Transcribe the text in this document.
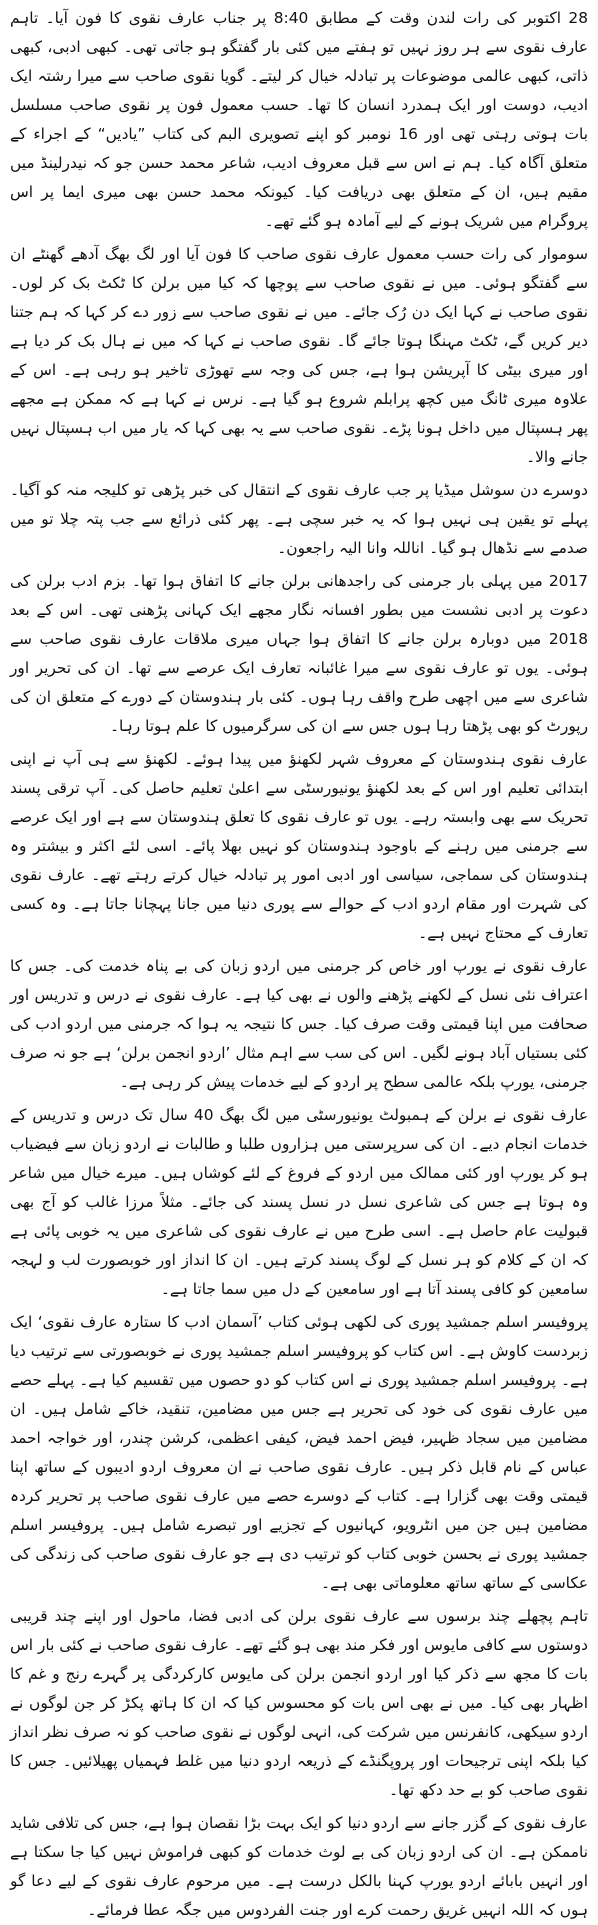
28 اکتوبر کی رات لندن وقت کے مطابق 8:40 پر جناب عارف نقوی کا فون آیا۔ تاہم عارف نقوی سے ہر روز نہیں تو ہفتے میں کئی بار گفتگو ہو جاتی تھی۔ کبھی ادبی، کبھی ذاتی، کبھی عالمی موضوعات پر تبادلہ خیال کر لیتے۔ گویا نقوی صاحب سے میرا رشتہ ایک ادیب، دوست اور ایک ہمدرد انسان کا تھا۔ حسب معمول فون پر نقوی صاحب مسلسل بات ہوتی رہتی تھی اور 16 نومبر کو اپنے تصویری البم کی کتاب ”یادیں“ کے اجراء کے متعلق آگاہ کیا۔ ہم نے اس سے قبل معروف ادیب، شاعر محمد حسن جو کہ نیدرلینڈ میں مقیم ہیں، ان کے متعلق بھی دریافت کیا۔ کیونکہ محمد حسن بھی میری ایما پر اس پروگرام میں شریک ہونے کے لیے آمادہ ہو گئے تھے۔

سوموار کی رات حسب معمول عارف نقوی صاحب کا فون آیا اور لگ بھگ آدھے گھنٹے ان سے گفتگو ہوئی۔ میں نے نقوی صاحب سے پوچھا کہ کیا میں برلن کا ٹکٹ بک کر لوں۔ نقوی صاحب نے کہا ایک دن رُک جائے۔ میں نے نقوی صاحب سے زور دے کر کہا کہ ہم جتنا دیر کریں گے، ٹکٹ مہنگا ہوتا جائے گا۔ نقوی صاحب نے کہا کہ میں نے ہال بک کر دیا ہے اور میری بیٹی کا آپریشن ہوا ہے، جس کی وجہ سے تھوڑی تاخیر ہو رہی ہے۔ اس کے علاوہ میری ٹانگ میں کچھ پرابلم شروع ہو گیا ہے۔ نرس نے کہا ہے کہ ممکن ہے مجھے پھر ہسپتال میں داخل ہونا پڑے۔ نقوی صاحب سے یہ بھی کہا کہ یار میں اب ہسپتال نہیں جانے والا۔

دوسرے دن سوشل میڈیا پر جب عارف نقوی کے انتقال کی خبر پڑھی تو کلیجہ منہ کو آگیا۔ پہلے تو یقین ہی نہیں ہوا کہ یہ خبر سچی ہے۔ پھر کئی ذرائع سے جب پتہ چلا تو میں صدمے سے نڈھال ہو گیا۔ اناللہ وانا الیہ راجعون۔

2017 میں پہلی بار جرمنی کی راجدھانی برلن جانے کا اتفاق ہوا تھا۔ بزم ادب برلن کی دعوت پر ادبی نشست میں بطور افسانہ نگار مجھے ایک کہانی پڑھنی تھی۔ اس کے بعد 2018 میں دوبارہ برلن جانے کا اتفاق ہوا جہاں میری ملاقات عارف نقوی صاحب سے ہوئی۔ یوں تو عارف نقوی سے میرا غائبانہ تعارف ایک عرصے سے تھا۔ ان کی تحریر اور شاعری سے میں اچھی طرح واقف رہا ہوں۔ کئی بار ہندوستان کے دورے کے متعلق ان کی رپورٹ کو بھی پڑھتا رہا ہوں جس سے ان کی سرگرمیوں کا علم ہوتا رہا۔

عارف نقوی ہندوستان کے معروف شہر لکھنؤ میں پیدا ہوئے۔ لکھنؤ سے ہی آپ نے اپنی ابتدائی تعلیم اور اس کے بعد لکھنؤ یونیورسٹی سے اعلیٰ تعلیم حاصل کی۔ آپ ترقی پسند تحریک سے بھی وابستہ رہے۔ یوں تو عارف نقوی کا تعلق ہندوستان سے ہے اور ایک عرصے سے جرمنی میں رہنے کے باوجود ہندوستان کو نہیں بھلا پائے۔ اسی لئے اکثر و بیشتر وہ ہندوستان کی سماجی، سیاسی اور ادبی امور پر تبادلہ خیال کرتے رہتے تھے۔ عارف نقوی کی شہرت اور مقام اردو ادب کے حوالے سے پوری دنیا میں جانا پہچانا جاتا ہے۔ وہ کسی تعارف کے محتاج نہیں ہے۔

عارف نقوی نے یورپ اور خاص کر جرمنی میں اردو زبان کی بے پناہ خدمت کی۔ جس کا اعتراف نئی نسل کے لکھنے پڑھنے والوں نے بھی کیا ہے۔ عارف نقوی نے درس و تدریس اور صحافت میں اپنا قیمتی وقت صرف کیا۔ جس کا نتیجہ یہ ہوا کہ جرمنی میں اردو ادب کی کئی بستیاں آباد ہونے لگیں۔ اس کی سب سے اہم مثال ’اردو انجمن برلن‘ ہے جو نہ صرف جرمنی، یورپ بلکہ عالمی سطح پر اردو کے لیے خدمات پیش کر رہی ہے۔

عارف نقوی نے برلن کے ہمبولٹ یونیورسٹی میں لگ بھگ 40 سال تک درس و تدریس کے خدمات انجام دیے۔ ان کی سرپرستی میں ہزاروں طلبا و طالبات نے اردو زبان سے فیضیاب ہو کر یورپ اور کئی ممالک میں اردو کے فروغ کے لئے کوشاں ہیں۔ میرے خیال میں شاعر وہ ہوتا ہے جس کی شاعری نسل در نسل پسند کی جائے۔ مثلاً مرزا غالب کو آج بھی قبولیت عام حاصل ہے۔ اسی طرح میں نے عارف نقوی کی شاعری میں یہ خوبی پائی ہے کہ ان کے کلام کو ہر نسل کے لوگ پسند کرتے ہیں۔ ان کا انداز اور خوبصورت لب و لہجہ سامعین کو کافی پسند آتا ہے اور سامعین کے دل میں سما جاتا ہے۔

پروفیسر اسلم جمشید پوری کی لکھی ہوئی کتاب ’آسمان ادب کا ستارہ عارف نقوی‘ ایک زبردست کاوش ہے۔ اس کتاب کو پروفیسر اسلم جمشید پوری نے خوبصورتی سے ترتیب دیا ہے۔ پروفیسر اسلم جمشید پوری نے اس کتاب کو دو حصوں میں تقسیم کیا ہے۔ پہلے حصے میں عارف نقوی کی خود کی تحریر ہے جس میں مضامین، تنقید، خاکے شامل ہیں۔ ان مضامین میں سجاد ظہیر، فیض احمد فیض، کیفی اعظمی، کرشن چندر، اور خواجہ احمد عباس کے نام قابل ذکر ہیں۔ عارف نقوی صاحب نے ان معروف اردو ادیبوں کے ساتھ اپنا قیمتی وقت بھی گزارا ہے۔ کتاب کے دوسرے حصے میں عارف نقوی صاحب پر تحریر کردہ مضامین ہیں جن میں انٹرویو، کہانیوں کے تجزیے اور تبصرے شامل ہیں۔ پروفیسر اسلم جمشید پوری نے بحسن خوبی کتاب کو ترتیب دی ہے جو عارف نقوی صاحب کی زندگی کی عکاسی کے ساتھ ساتھ معلوماتی بھی ہے۔

تاہم پچھلے چند برسوں سے عارف نقوی برلن کی ادبی فضا، ماحول اور اپنے چند قریبی دوستوں سے کافی مایوس اور فکر مند بھی ہو گئے تھے۔ عارف نقوی صاحب نے کئی بار اس بات کا مجھ سے ذکر کیا اور اردو انجمن برلن کی مایوس کارکردگی پر گہرے رنج و غم کا اظہار بھی کیا۔ میں نے بھی اس بات کو محسوس کیا کہ ان کا ہاتھ پکڑ کر جن لوگوں نے اردو سیکھی، کانفرنس میں شرکت کی، انہی لوگوں نے نقوی صاحب کو نہ صرف نظر انداز کیا بلکہ اپنی ترجیحات اور پروپگنڈے کے ذریعہ اردو دنیا میں غلط فہمیاں پھیلائیں۔ جس کا نقوی صاحب کو بے حد دکھ تھا۔

عارف نقوی کے گزر جانے سے اردو دنیا کو ایک بہت بڑا نقصان ہوا ہے، جس کی تلافی شاید ناممکن ہے۔ ان کی اردو زبان کی بے لوث خدمات کو کبھی فراموش نہیں کیا جا سکتا ہے اور انہیں بابائے اردو یورپ کہنا بالکل درست ہے۔ میں مرحوم عارف نقوی کے لیے دعا گو ہوں کہ اللہ انہیں غریق رحمت کرے اور جنت الفردوس میں جگہ عطا فرمائے۔
